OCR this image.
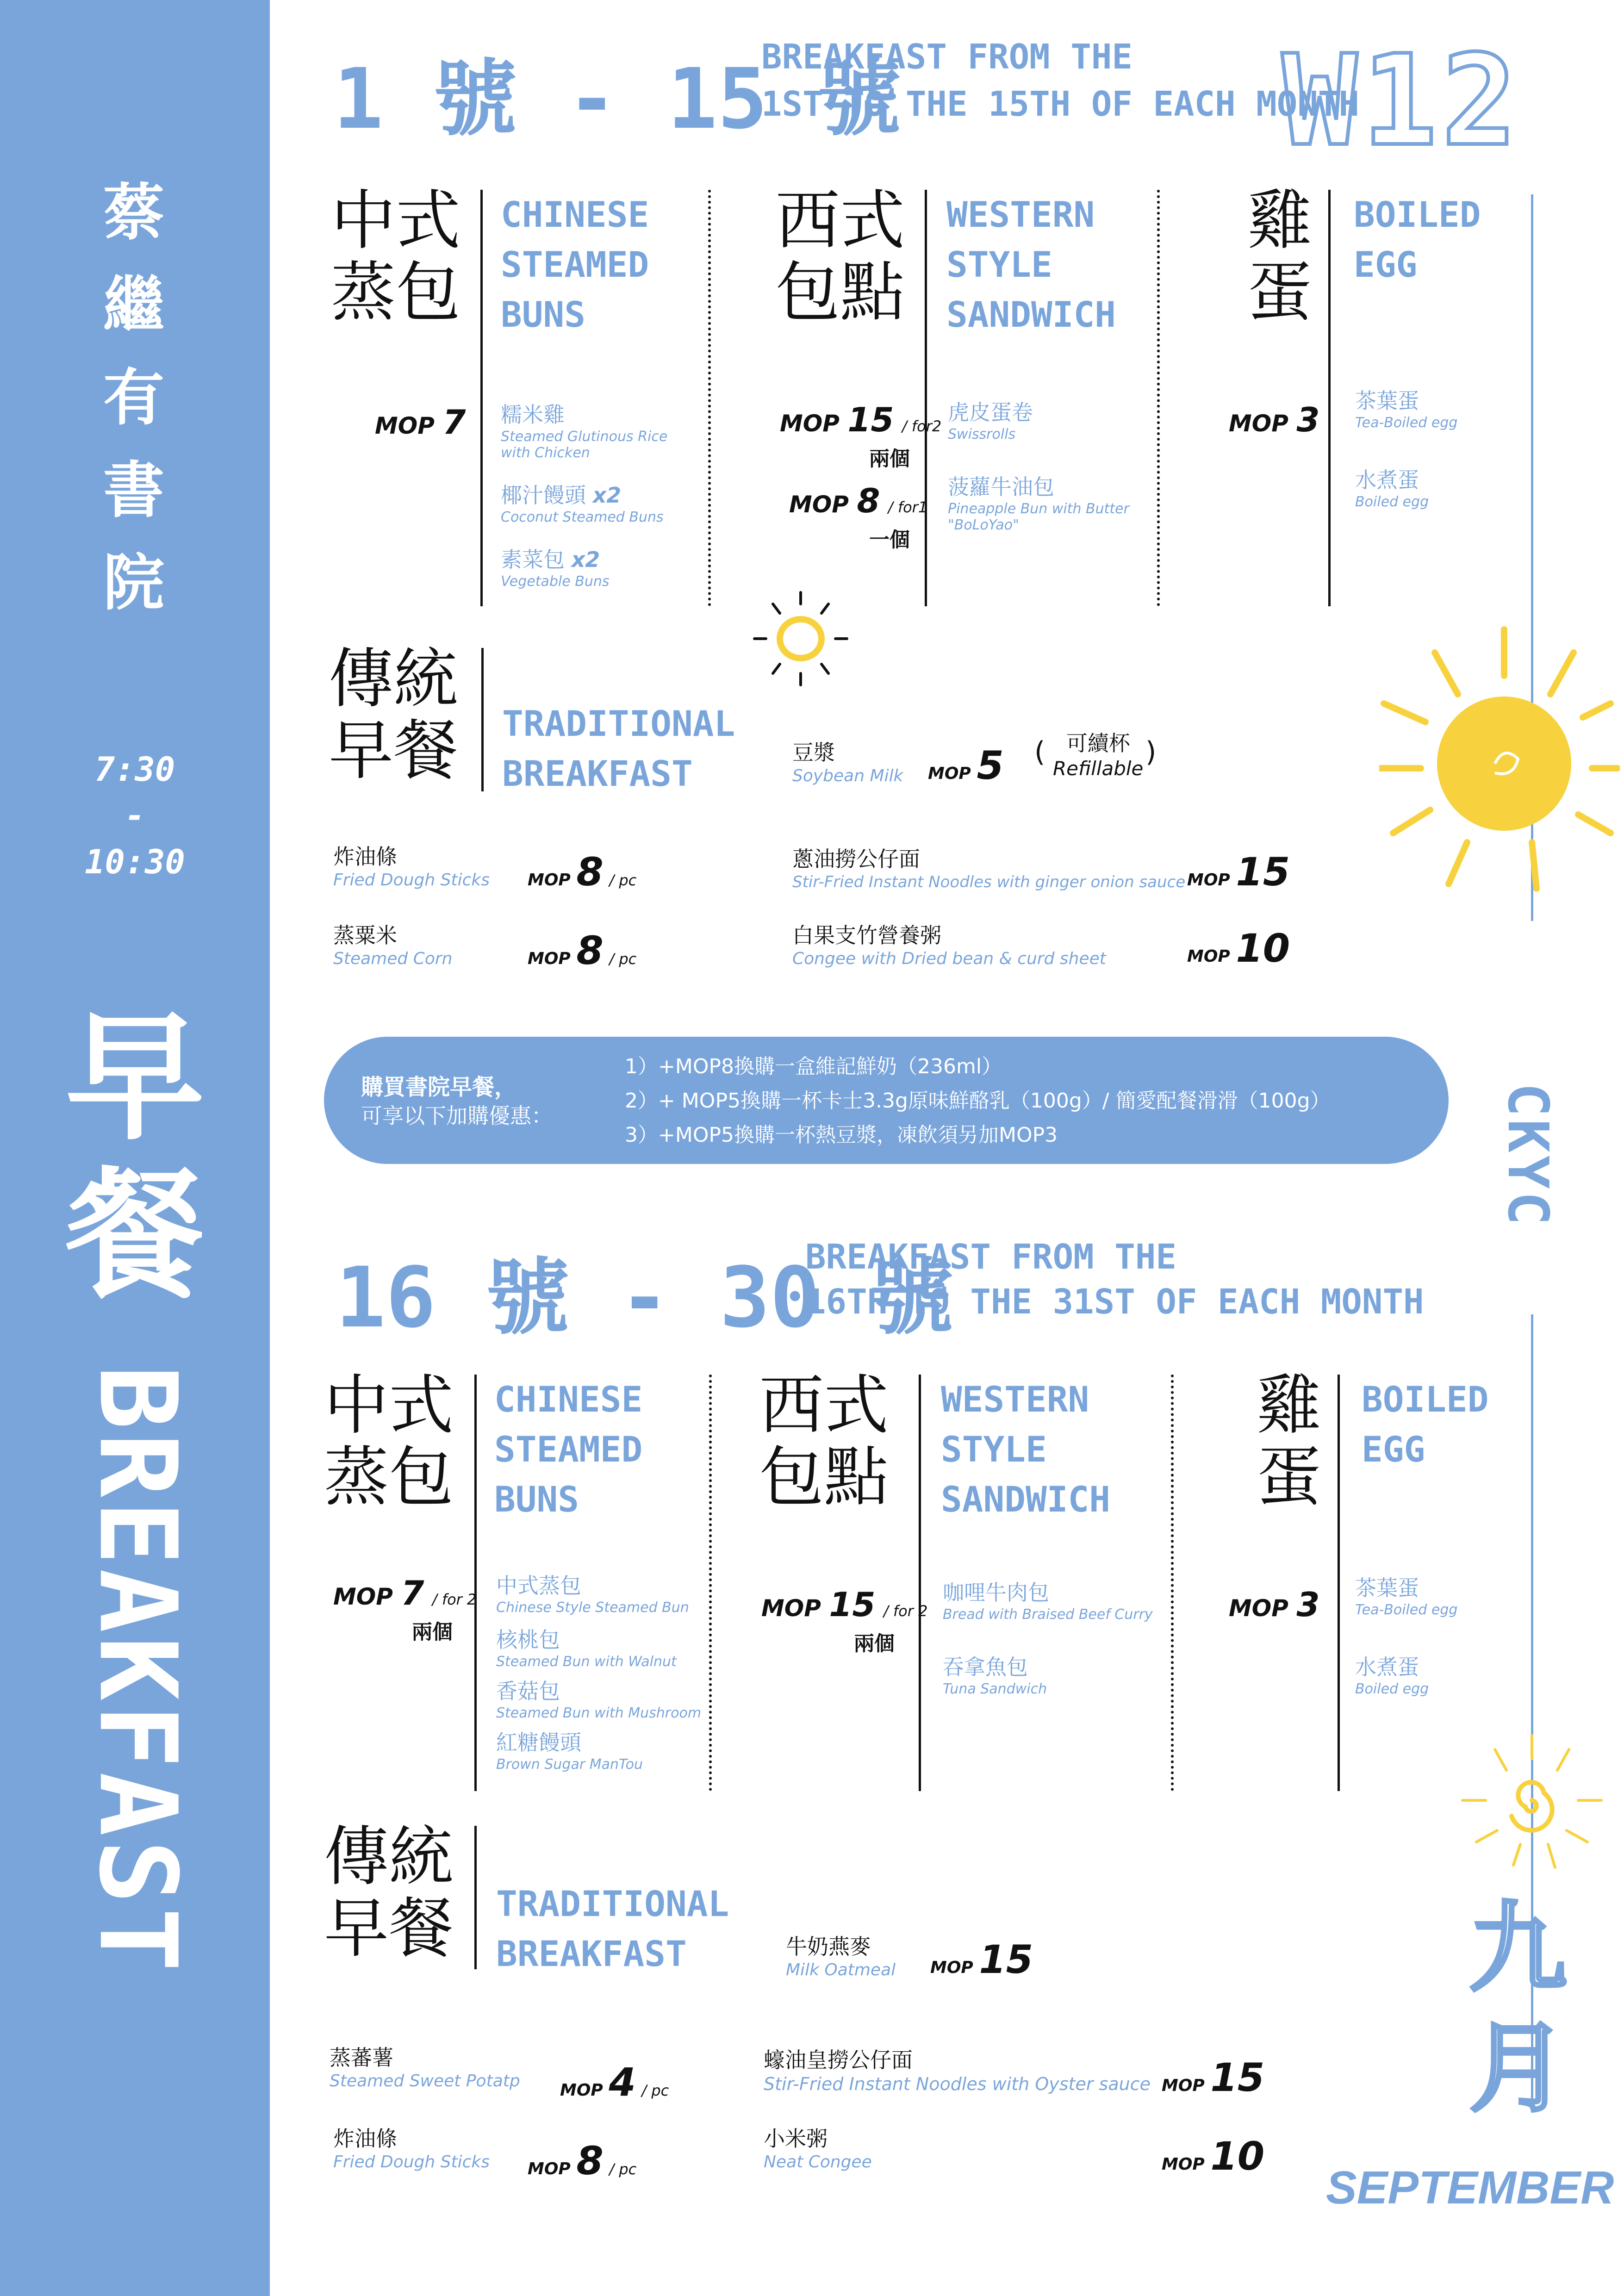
蔡
繼
有
書
院
7:30
-
10:30
早
餐
BREAKFAST
W12
1 號 - 15 號
BREAKFAST FROM THE
1ST TO THE 15TH OF EACH MONTH
中式
蒸包
CHINESE
STEAMED
BUNS
MOP 7 糯米雞
Steamed Glutinous Rice
with Chicken
椰汁饅頭 x2
Coconut Steamed Buns
素菜包 x2
Vegetable Buns
西式
包點
WESTERN
STYLE
SANDWICH
MOP 15 / for2
兩個
MOP 8 / for1
一個
虎皮蛋卷
Swissrolls
菠蘿牛油包
Pineapple Bun with Butter
"BoLoYao"
雞
蛋
BOILED
EGG
MOP 3 茶葉蛋
Tea-Boiled egg
水煮蛋
Boiled egg
CKYC
傳統
早餐 TRADITIONAL
BREAKFAST
豆漿
Soybean Milk MOP 5 ( 可續杯
Refillable
)
炸油條
Fried Dough Sticks MOP 8 / pc
蒸粟米
Steamed Corn	MOP 8 / pc
蔥油撈公仔面
Stir-Fried Instant Noodles with ginger onion sauce MOP 15
白果支竹營養粥
Congee with Dried bean & curd sheet	MOP 10
購買書院早餐，
可享以下加購優惠：
1）+MOP8換購一盒維記鮮奶（236ml）
2）+ MOP5換購一杯卡士3.3g原味鮮酪乳（100g）/ 簡愛配餐滑滑（100g）
3）+MOP5換購一杯熱豆漿，凍飲須另加MOP3
16 號 - 30 號
BREAKFAST FROM THE
16TH TO THE 31ST OF EACH MONTH
中式
蒸包
CHINESE
STEAMED
BUNS
MOP 7 / for 2
兩個
中式蒸包
Chinese Style Steamed Bun
核桃包
Steamed Bun with Walnut
香菇包
Steamed Bun with Mushroom
紅糖饅頭
Brown Sugar ManTou
西式
包點
WESTERN
STYLE
SANDWICH
MOP 15 / for 2
兩個
咖哩牛肉包
Bread with Braised Beef Curry
吞拿魚包
Tuna Sandwich
雞
蛋
BOILED
EGG
MOP 3 茶葉蛋
Tea-Boiled egg
水煮蛋
Boiled egg
傳統
早餐 TRADITIONAL
BREAKFAST	牛奶燕麥
Milk Oatmeal MOP 15
蒸蕃薯
Steamed Sweet Potatp MOP 4 / pc
炸油條
Fried Dough Sticks MOP 8 / pc
蠔油皇撈公仔面
Stir-Fried Instant Noodles with Oyster sauce MOP 15
小米粥
Neat Congee	MOP 10
九
月
SEPTEMBER
